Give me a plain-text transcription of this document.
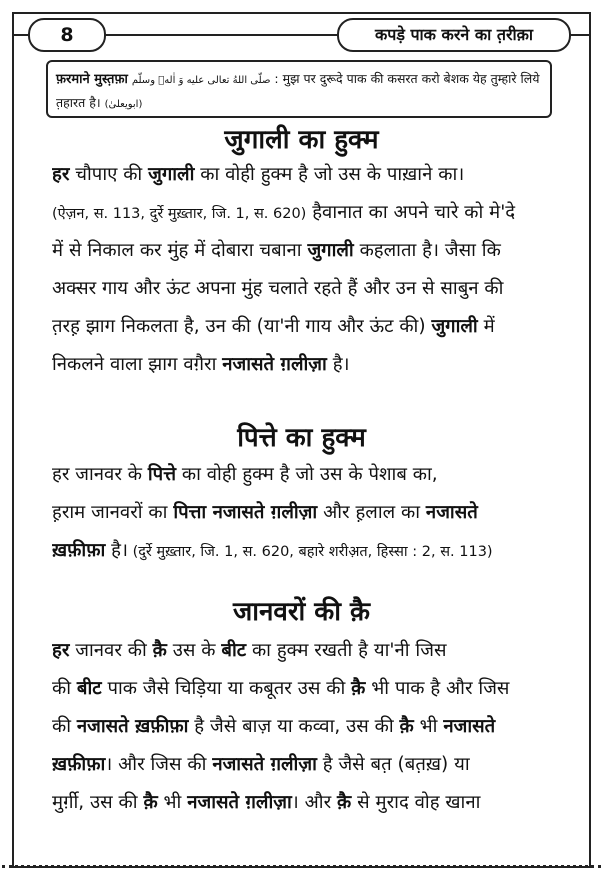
8	कपड़े पाक करने का त़रीक़ा
फ़रमाने मुस्त़फ़ा صلّى اللهُ تعالى عليه وَ اٰلهٖ وسلّم : मुझ पर दुरूदे पाक की कसरत करो बेशक येह तुम्हारे लिये
त़हारत है। (ابویعلیٰ)
जुगाली का हुक्म
हर चौपाए की जुगाली का वोही हुक्म है जो उस के पाख़ाने का।
(ऐज़न, स. 113, दुर्रे मुख़्तार, जि. 1, स. 620) हैवानात का अपने चारे को मे'दे
में से निकाल कर मुंह में दोबारा चबाना जुगाली कहलाता है। जैसा कि
अक्सर गाय और ऊंट अपना मुंह चलाते रहते हैं और उन से साबुन की
त़रह़ झाग निकलता है, उन की (या'नी गाय और ऊंट की) जुगाली में
निकलने वाला झाग वग़ैरा नजासते ग़लीज़ा है।
पित्ते का हुक्म
हर जानवर के पित्ते का वोही हुक्म है जो उस के पेशाब का,
ह़राम जानवरों का पित्ता नजासते ग़लीज़ा और ह़लाल का नजासते
ख़फ़ीफ़ा है। (दुर्रे मुख़्तार, जि. 1, स. 620, बहारे शरीअ़त, हिस्सा : 2, स. 113)
जानवरों की क़ै
हर जानवर की क़ै उस के बीट का हुक्म रखती है या'नी जिस
की बीट पाक जैसे चिड़िया या कबूतर उस की क़ै भी पाक है और जिस
की नजासते ख़फ़ीफ़ा है जैसे बाज़ या कव्वा, उस की क़ै भी नजासते
ख़फ़ीफ़ा। और जिस की नजासते ग़लीज़ा है जैसे बत़ (बत़ख़) या
मुर्ग़ी, उस की क़ै भी नजासते ग़लीज़ा। और क़ै से मुराद वोह खाना
